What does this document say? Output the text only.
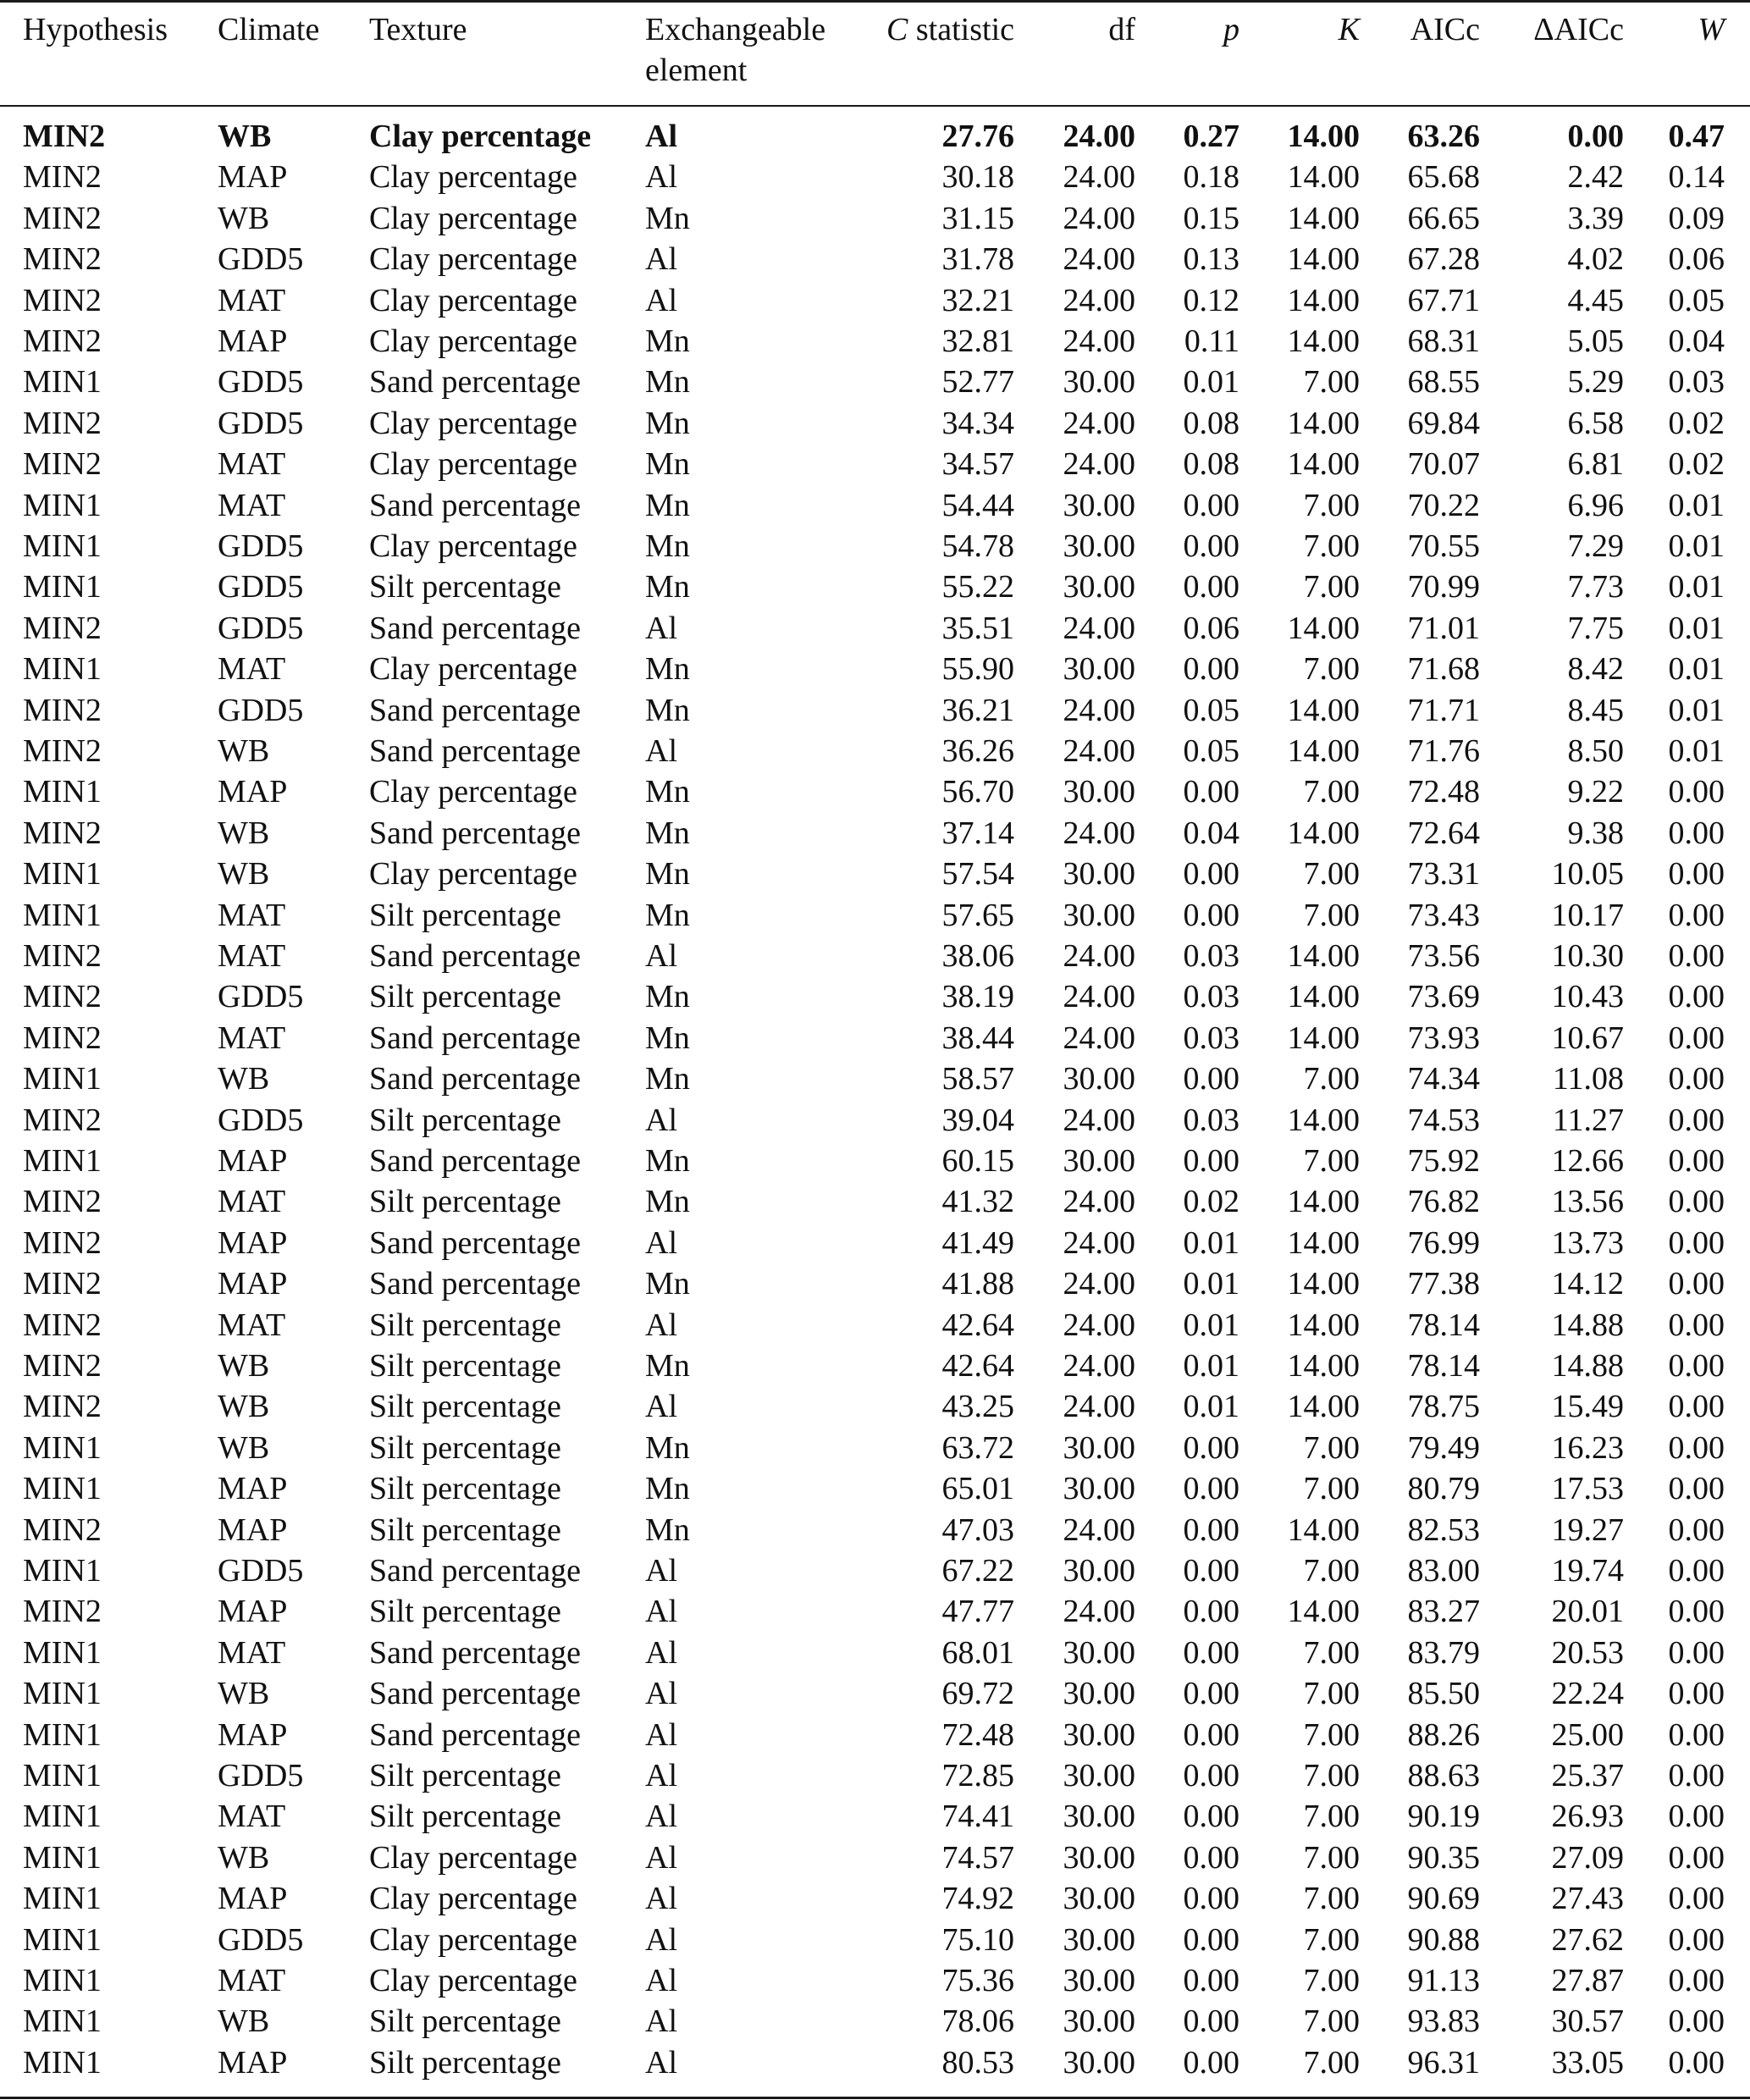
Hypothesis Climate Texture	Exchangeable
element
C statistic	df	p	K AICc ΔAICc W
MIN2	WB	Clay percentage Al	27.76 24.00 0.27 14.00 63.26	0.00 0.47
MIN2	MAP	Clay percentage Al	30.18 24.00 0.18 14.00 65.68	2.42 0.14
MIN2	WB	Clay percentage Mn	31.15 24.00 0.15 14.00 66.65	3.39 0.09
MIN2	GDD5 Clay percentage Al	31.78 24.00 0.13 14.00 67.28	4.02 0.06
MIN2	MAT	Clay percentage Al	32.21 24.00 0.12 14.00 67.71	4.45 0.05
MIN2	MAP	Clay percentage Mn	32.81 24.00 0.11 14.00 68.31	5.05 0.04
MIN1	GDD5 Sand percentage Mn	52.77 30.00 0.01 7.00 68.55	5.29 0.03
MIN2	GDD5 Clay percentage Mn	34.34 24.00 0.08 14.00 69.84	6.58 0.02
MIN2	MAT	Clay percentage Mn	34.57 24.00 0.08 14.00 70.07	6.81 0.02
MIN1	MAT	Sand percentage Mn	54.44 30.00 0.00 7.00 70.22	6.96 0.01
MIN1	GDD5 Clay percentage Mn	54.78 30.00 0.00 7.00 70.55	7.29 0.01
MIN1	GDD5 Silt percentage	Mn	55.22 30.00 0.00 7.00 70.99	7.73 0.01
MIN2	GDD5 Sand percentage Al	35.51 24.00 0.06 14.00 71.01	7.75 0.01
MIN1	MAT	Clay percentage Mn	55.90 30.00 0.00 7.00 71.68	8.42 0.01
MIN2	GDD5 Sand percentage Mn	36.21 24.00 0.05 14.00 71.71	8.45 0.01
MIN2	WB	Sand percentage Al	36.26 24.00 0.05 14.00 71.76	8.50 0.01
MIN1	MAP	Clay percentage Mn	56.70 30.00 0.00 7.00 72.48	9.22 0.00
MIN2	WB	Sand percentage Mn	37.14 24.00 0.04 14.00 72.64	9.38 0.00
MIN1	WB	Clay percentage Mn	57.54 30.00 0.00 7.00 73.31 10.05 0.00
MIN1	MAT	Silt percentage	Mn	57.65 30.00 0.00 7.00 73.43 10.17 0.00
MIN2	MAT	Sand percentage Al	38.06 24.00 0.03 14.00 73.56 10.30 0.00
MIN2	GDD5 Silt percentage	Mn	38.19 24.00 0.03 14.00 73.69 10.43 0.00
MIN2	MAT	Sand percentage Mn	38.44 24.00 0.03 14.00 73.93 10.67 0.00
MIN1	WB	Sand percentage Mn	58.57 30.00 0.00 7.00 74.34 11.08 0.00
MIN2	GDD5 Silt percentage	Al	39.04 24.00 0.03 14.00 74.53 11.27 0.00
MIN1	MAP	Sand percentage Mn	60.15 30.00 0.00 7.00 75.92 12.66 0.00
MIN2	MAT	Silt percentage	Mn	41.32 24.00 0.02 14.00 76.82 13.56 0.00
MIN2	MAP	Sand percentage Al	41.49 24.00 0.01 14.00 76.99 13.73 0.00
MIN2	MAP	Sand percentage Mn	41.88 24.00 0.01 14.00 77.38 14.12 0.00
MIN2	MAT	Silt percentage	Al	42.64 24.00 0.01 14.00 78.14 14.88 0.00
MIN2	WB	Silt percentage	Mn	42.64 24.00 0.01 14.00 78.14 14.88 0.00
MIN2	WB	Silt percentage	Al	43.25 24.00 0.01 14.00 78.75 15.49 0.00
MIN1	WB	Silt percentage	Mn	63.72 30.00 0.00 7.00 79.49 16.23 0.00
MIN1	MAP	Silt percentage	Mn	65.01 30.00 0.00 7.00 80.79 17.53 0.00
MIN2	MAP	Silt percentage	Mn	47.03 24.00 0.00 14.00 82.53 19.27 0.00
MIN1	GDD5 Sand percentage Al	67.22 30.00 0.00 7.00 83.00 19.74 0.00
MIN2	MAP	Silt percentage	Al	47.77 24.00 0.00 14.00 83.27 20.01 0.00
MIN1	MAT	Sand percentage Al	68.01 30.00 0.00 7.00 83.79 20.53 0.00
MIN1	WB	Sand percentage Al	69.72 30.00 0.00 7.00 85.50 22.24 0.00
MIN1	MAP	Sand percentage Al	72.48 30.00 0.00 7.00 88.26 25.00 0.00
MIN1	GDD5 Silt percentage	Al	72.85 30.00 0.00 7.00 88.63 25.37 0.00
MIN1	MAT	Silt percentage	Al	74.41 30.00 0.00 7.00 90.19 26.93 0.00
MIN1	WB	Clay percentage Al	74.57 30.00 0.00 7.00 90.35 27.09 0.00
MIN1	MAP	Clay percentage Al	74.92 30.00 0.00 7.00 90.69 27.43 0.00
MIN1	GDD5 Clay percentage Al	75.10 30.00 0.00 7.00 90.88 27.62 0.00
MIN1	MAT	Clay percentage Al	75.36 30.00 0.00 7.00 91.13 27.87 0.00
MIN1	WB	Silt percentage	Al	78.06 30.00 0.00 7.00 93.83 30.57 0.00
MIN1	MAP	Silt percentage	Al	80.53 30.00 0.00 7.00 96.31 33.05 0.00
